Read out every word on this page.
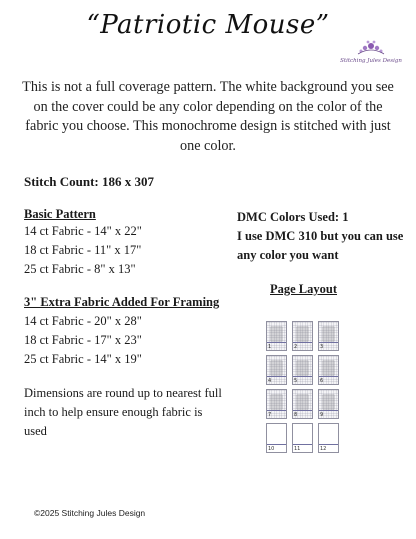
“Patriotic Mouse”
Stitching Jules Design

This is not a full coverage pattern. The white background you see on the cover could be any color depending on the color of the fabric you choose. This monochrome design is stitched with just one color.

Stitch Count: 186 x 307
Basic Pattern
14 ct Fabric - 14" x 22"
18 ct Fabric - 11" x 17"
25 ct Fabric - 8" x 13"
3" Extra Fabric Added For Framing
14 ct Fabric - 20" x 28"
18 ct Fabric - 17" x 23"
25 ct Fabric - 14" x 19"

Dimensions are round up to nearest full inch to help ensure enough fabric is used

DMC Colors Used: 1
I use DMC 310 but you can use any color you want
Page Layout
1	2	3
4	5	6
7	8	9
10	11	12
©2025 Stitching Jules Design
